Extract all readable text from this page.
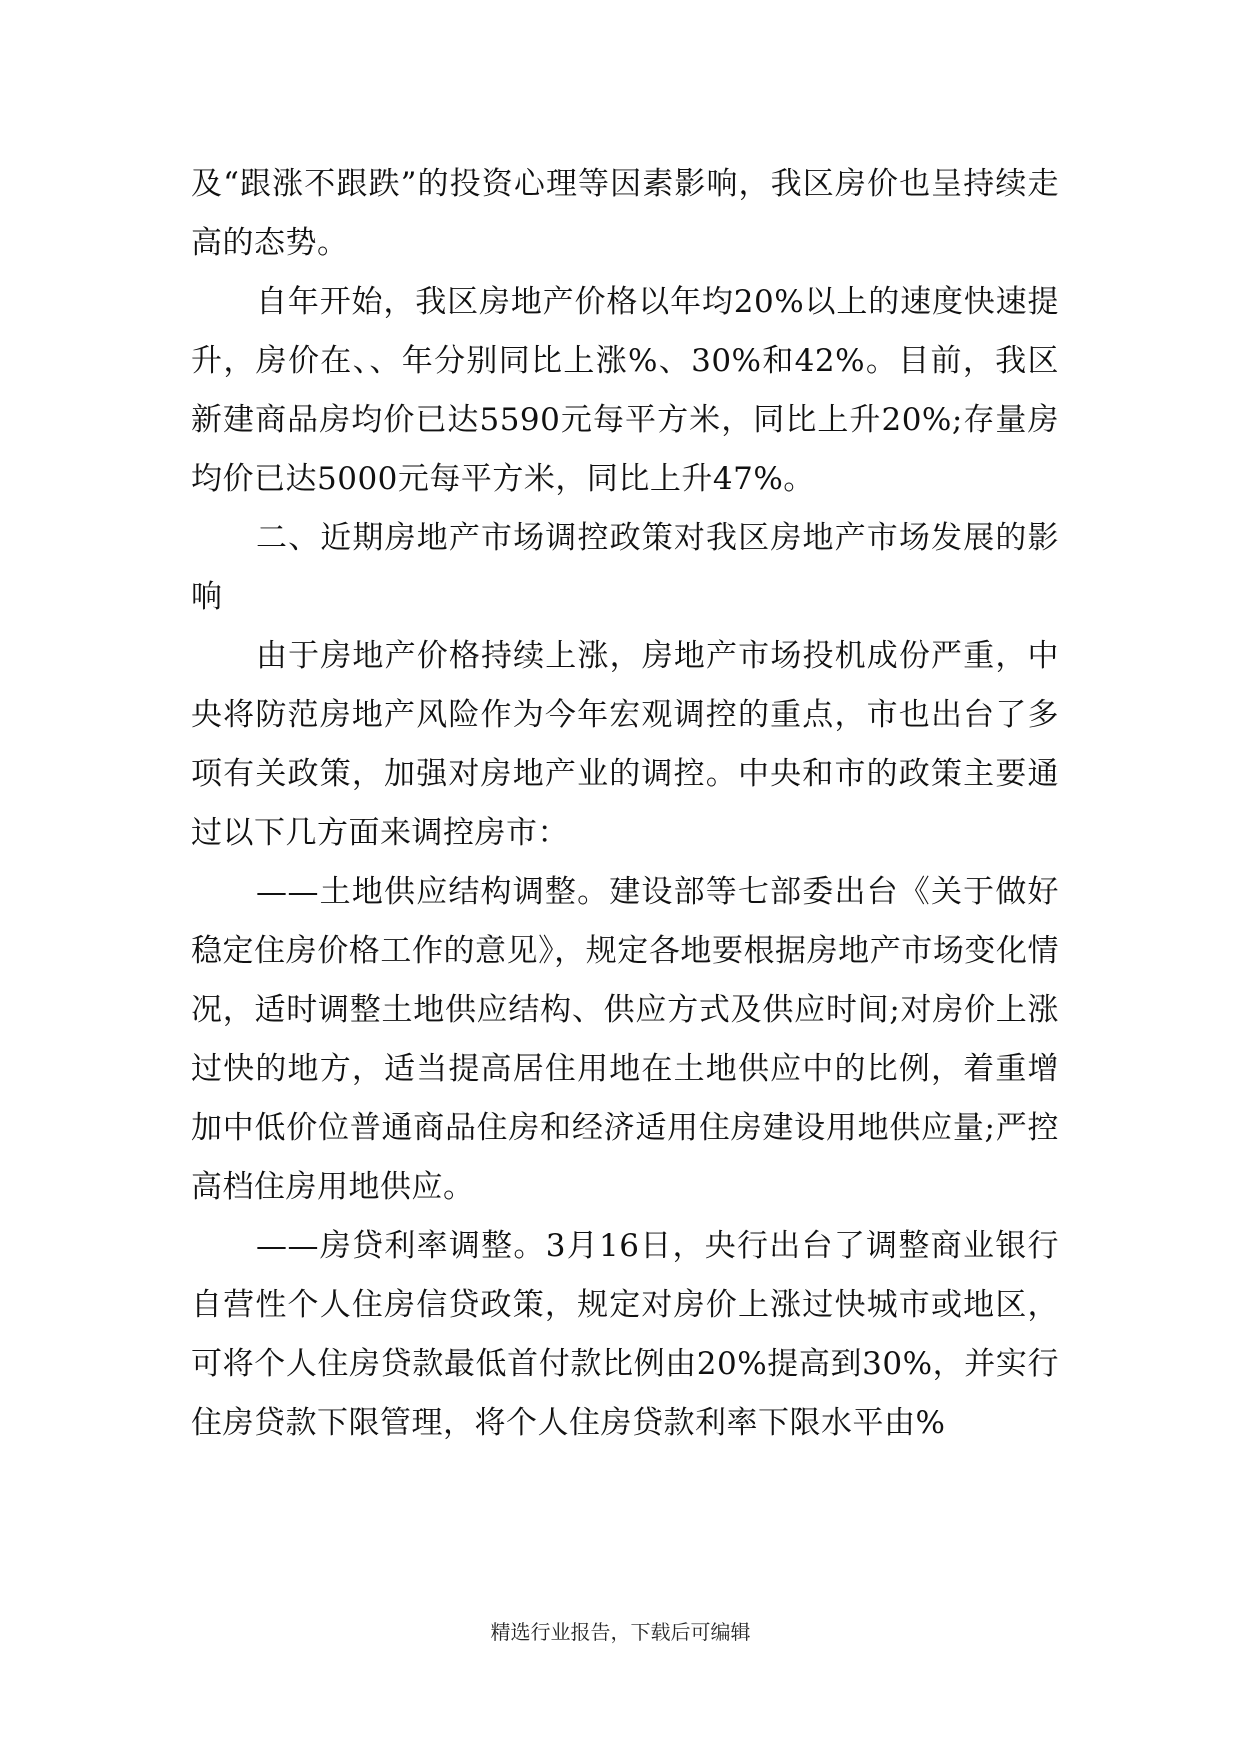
及“跟涨不跟跌”的投资心理等因素影响，我区房价也呈持续走高的态势。

自年开始，我区房地产价格以年均20%以上的速度快速提升，房价在、、年分别同比上涨%、30%和42%。目前，我区新建商品房均价已达5590元每平方米，同比上升20%;存量房均价已达5000元每平方米，同比上升47%。

二、近期房地产市场调控政策对我区房地产市场发展的影响

由于房地产价格持续上涨，房地产市场投机成份严重，中央将防范房地产风险作为今年宏观调控的重点，市也出台了多项有关政策，加强对房地产业的调控。中央和市的政策主要通过以下几方面来调控房市：

——土地供应结构调整。建设部等七部委出台《关于做好稳定住房价格工作的意见》，规定各地要根据房地产市场变化情况，适时调整土地供应结构、供应方式及供应时间;对房价上涨过快的地方，适当提高居住用地在土地供应中的比例，着重增加中低价位普通商品住房和经济适用住房建设用地供应量;严控高档住房用地供应。

——房贷利率调整。3月16日，央行出台了调整商业银行自营性个人住房信贷政策，规定对房价上涨过快城市或地区，可将个人住房贷款最低首付款比例由20%提高到30%，并实行住房贷款下限管理，将个人住房贷款利率下限水平由%

精选行业报告，下载后可编辑
